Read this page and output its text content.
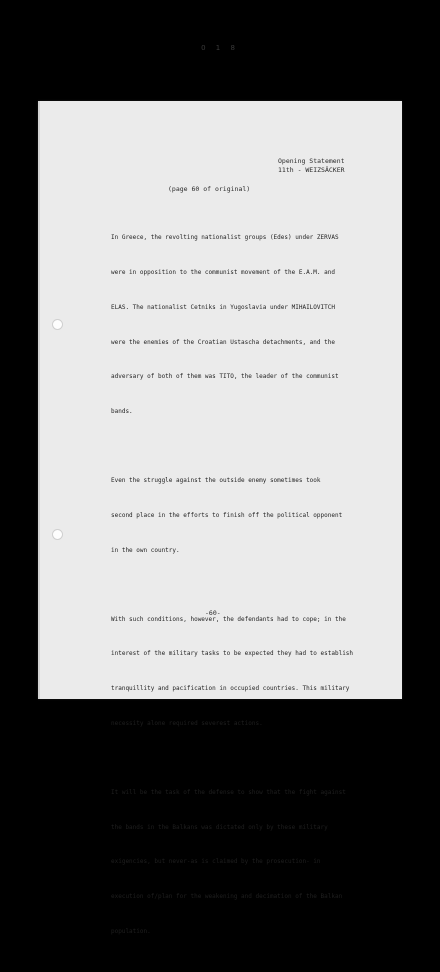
0 1 8
Opening Statement
11th - WEIZSÄCKER
(page 60 of original)

In Greece, the revolting nationalist groups (Edes) under ZERVAS

were in opposition to the communist movement of the E.A.M. and

ELAS. The nationalist Cetniks in Yugoslavia under MIHAILOVITCH

were the enemies of the Croatian Ustascha detachments, and the

adversary of both of them was TITO, the leader of the communist

bands.

Even the struggle against the outside enemy sometimes took

second place in the efforts to finish off the political opponent

in the own country.

With such conditions, however, the defendants had to cope; in the

interest of the military tasks to be expected they had to establish

tranquillity and pacification in occupied countries. This military

necessity alone required severest actions.

It will be the task of the defense to show that the fight against

the bands in the Balkans was dictated only by these military

exigencies, but never-as is claimed by the prosecution- in

execution of/plan for the weakening and decimation of the Balkan

population.

-60-
